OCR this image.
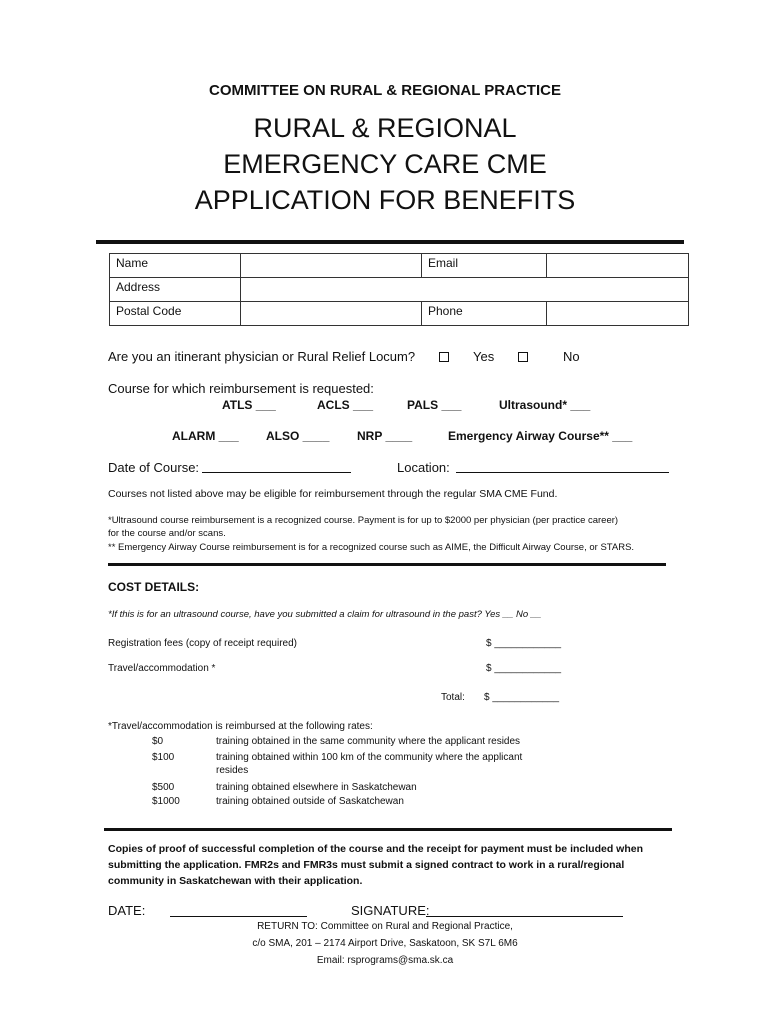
COMMITTEE ON RURAL & REGIONAL PRACTICE
RURAL & REGIONAL
EMERGENCY CARE CME
APPLICATION FOR BENEFITS
Name		Email	
Address			
Postal Code		Phone	
Are you an itinerant physician or Rural Relief Locum?	Yes	No
Course for which reimbursement is requested:
ATLS ___	ACLS ___	PALS ___	Ultrasound* ___
ALARM ___ ALSO ____ NRP ____	Emergency Airway Course** ___
Date of Course:	Location:
Courses not listed above may be eligible for reimbursement through the regular SMA CME Fund.
*Ultrasound course reimbursement is a recognized course. Payment is for up to $2000 per physician (per practice career)
for the course and/or scans.
** Emergency Airway Course reimbursement is for a recognized course such as AIME, the Difficult Airway Course, or STARS.
COST DETAILS:
*If this is for an ultrasound course, have you submitted a claim for ultrasound in the past? Yes __ No __
Registration fees (copy of receipt required)	$ ____________
Travel/accommodation *	$ ____________
Total: $ ____________
*Travel/accommodation is reimbursed at the following rates:
$0	training obtained in the same community where the applicant resides
$100	training obtained within 100 km of the community where the applicant
resides
$500	training obtained elsewhere in Saskatchewan
$1000	training obtained outside of Saskatchewan
Copies of proof of successful completion of the course and the receipt for payment must be included when
submitting the application. FMR2s and FMR3s must submit a signed contract to work in a rural/regional
community in Saskatchewan with their application.
DATE:	SIGNATURE:
RETURN TO: Committee on Rural and Regional Practice,
c/o SMA, 201 – 2174 Airport Drive, Saskatoon, SK S7L 6M6
Email: rsprograms@sma.sk.ca
